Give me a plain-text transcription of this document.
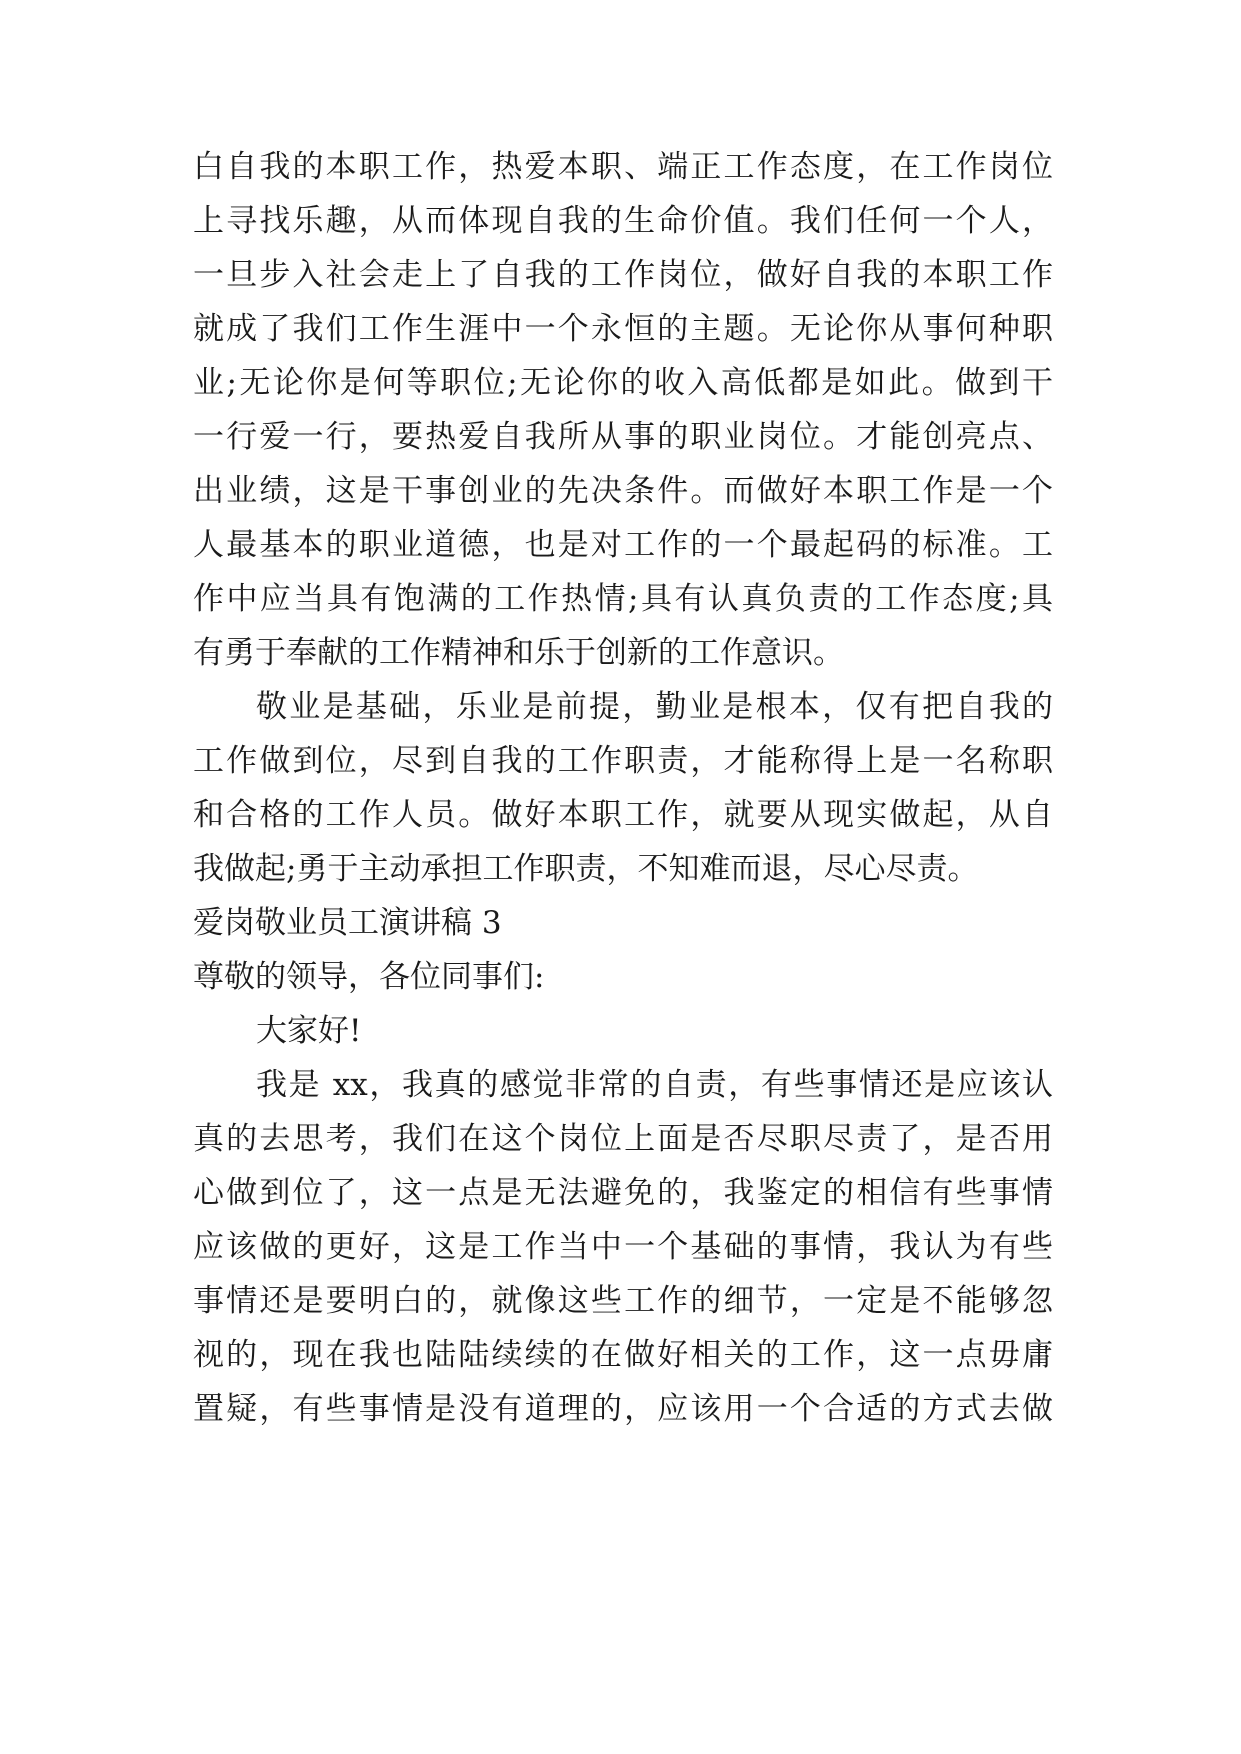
白自我的本职工作，热爱本职、端正工作态度，在工作岗位
上寻找乐趣，从而体现自我的生命价值。我们任何一个人，
一旦步入社会走上了自我的工作岗位，做好自我的本职工作
就成了我们工作生涯中一个永恒的主题。无论你从事何种职
业;无论你是何等职位;无论你的收入高低都是如此。做到干
一行爱一行，要热爱自我所从事的职业岗位。才能创亮点、
出业绩，这是干事创业的先决条件。而做好本职工作是一个
人最基本的职业道德，也是对工作的一个最起码的标准。工
作中应当具有饱满的工作热情;具有认真负责的工作态度;具
有勇于奉献的工作精神和乐于创新的工作意识。
敬业是基础，乐业是前提，勤业是根本，仅有把自我的
工作做到位，尽到自我的工作职责，才能称得上是一名称职
和合格的工作人员。做好本职工作，就要从现实做起，从自
我做起;勇于主动承担工作职责，不知难而退，尽心尽责。
爱岗敬业员工演讲稿 3
尊敬的领导，各位同事们:
大家好!
我是 xx，我真的感觉非常的自责，有些事情还是应该认
真的去思考，我们在这个岗位上面是否尽职尽责了，是否用
心做到位了，这一点是无法避免的，我鉴定的相信有些事情
应该做的更好，这是工作当中一个基础的事情，我认为有些
事情还是要明白的，就像这些工作的细节，一定是不能够忽
视的，现在我也陆陆续续的在做好相关的工作，这一点毋庸
置疑，有些事情是没有道理的，应该用一个合适的方式去做
